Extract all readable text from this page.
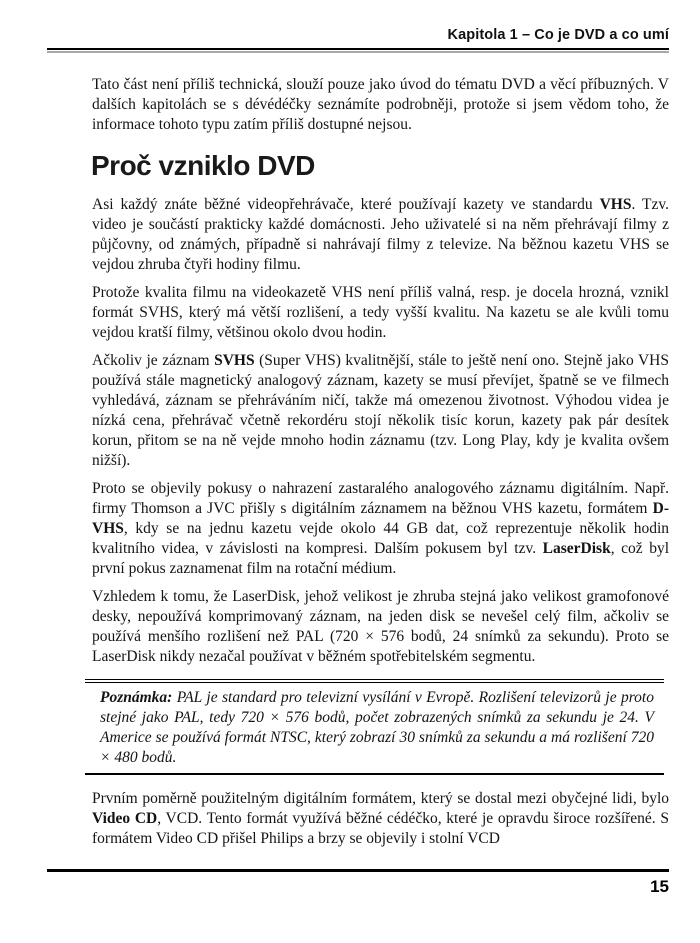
Kapitola 1 – Co je DVD a co umí

Tato část není příliš technická, slouží pouze jako úvod do tématu DVD a věcí příbuzných. V dalších kapitolách se s dévédéčky seznámíte podrobněji, protože si jsem vědom toho, že informace tohoto typu zatím příliš dostupné nejsou.

Proč vzniklo DVD

Asi každý znáte běžné videopřehrávače, které používají kazety ve standardu VHS. Tzv. video je součástí prakticky každé domácnosti. Jeho uživatelé si na něm přehrávají filmy z půjčovny, od známých, případně si nahrávají filmy z televize. Na běžnou kazetu VHS se vejdou zhruba čtyři hodiny filmu.

Protože kvalita filmu na videokazetě VHS není příliš valná, resp. je docela hrozná, vznikl formát SVHS, který má větší rozlišení, a tedy vyšší kvalitu. Na kazetu se ale kvůli tomu vejdou kratší filmy, většinou okolo dvou hodin.

Ačkoliv je záznam SVHS (Super VHS) kvalitnější, stále to ještě není ono. Stejně jako VHS používá stále magnetický analogový záznam, kazety se musí převíjet, špatně se ve filmech vyhledává, záznam se přehráváním ničí, takže má omezenou životnost. Výhodou videa je nízká cena, přehrávač včetně rekordéru stojí několik tisíc korun, kazety pak pár desítek korun, přitom se na ně vejde mnoho hodin záznamu (tzv. Long Play, kdy je kvalita ovšem nižší).

Proto se objevily pokusy o nahrazení zastaralého analogového záznamu digitálním. Např. firmy Thomson a JVC přišly s digitálním záznamem na běžnou VHS kazetu, formátem D-VHS, kdy se na jednu kazetu vejde okolo 44 GB dat, což reprezentuje několik hodin kvalitního videa, v závislosti na kompresi. Dalším pokusem byl tzv. LaserDisk, což byl první pokus zaznamenat film na rotační médium.

Vzhledem k tomu, že LaserDisk, jehož velikost je zhruba stejná jako velikost gramofonové desky, nepoužívá komprimovaný záznam, na jeden disk se nevešel celý film, ačkoliv se používá menšího rozlišení než PAL (720 × 576 bodů, 24 snímků za sekundu). Proto se LaserDisk nikdy nezačal používat v běžném spotřebitelském segmentu.

Poznámka: PAL je standard pro televizní vysílání v Evropě. Rozlišení televizorů je proto stejné jako PAL, tedy 720 × 576 bodů, počet zobrazených snímků za sekundu je 24. V Americe se používá formát NTSC, který zobrazí 30 snímků za sekundu a má rozlišení 720 × 480 bodů.

Prvním poměrně použitelným digitálním formátem, který se dostal mezi obyčejné lidi, bylo Video CD, VCD. Tento formát využívá běžné cédéčko, které je opravdu široce rozšířené. S formátem Video CD přišel Philips a brzy se objevily i stolní VCD

15
